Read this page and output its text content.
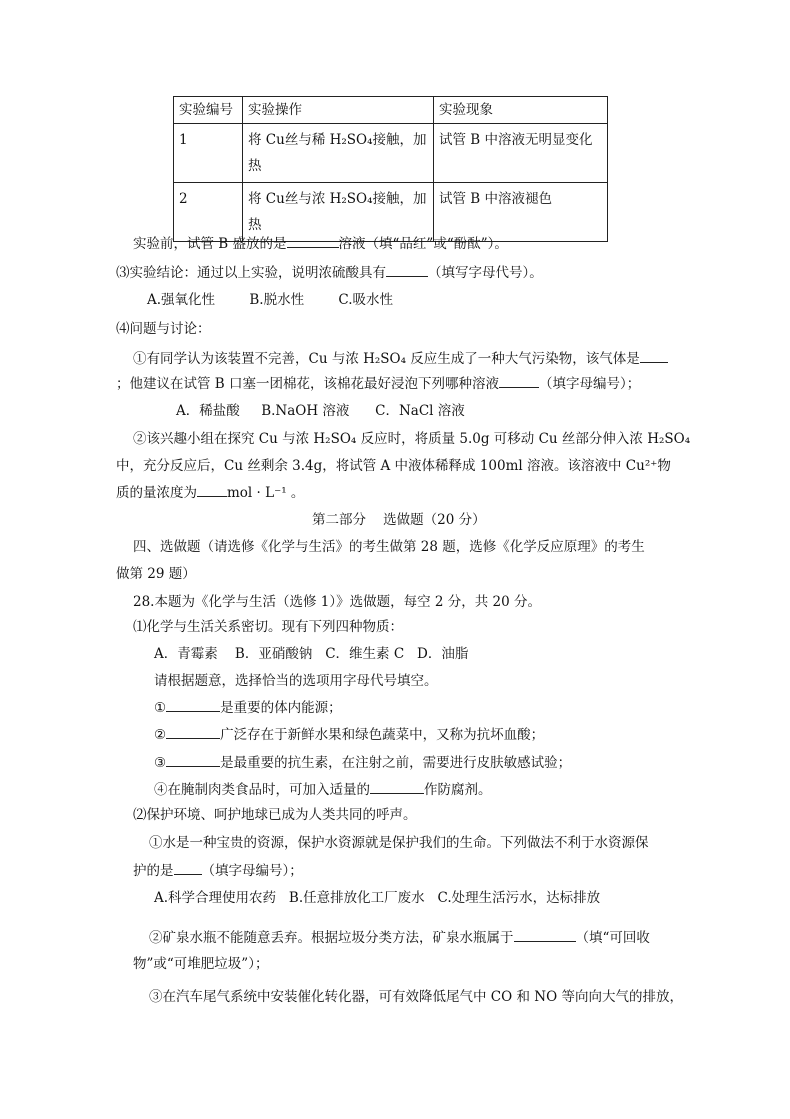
实验编号	实验操作	实验现象
1	将 Cu丝与稀 H₂SO₄接触，加热	试管 B 中溶液无明显变化
2	将 Cu丝与浓 H₂SO₄接触，加热	试管 B 中溶液褪色
实验前，试管 B 盛放的是	溶液（填“品红”或“酚酞”）。
⑶实验结论：通过以上实验，说明浓硫酸具有	（填写字母代号）。
A.强氧化性        B.脱水性        C.吸水性
⑷问题与讨论：
①有同学认为该装置不完善，Cu 与浓 H₂SO₄ 反应生成了一种大气污染物，该气体是
；他建议在试管 B 口塞一团棉花，该棉花最好浸泡下列哪种溶液	（填字母编号）；
A．稀盐酸     B.NaOH 溶液      C．NaCl 溶液
②该兴趣小组在探究 Cu 与浓 H₂SO₄ 反应时，将质量 5.0g 可移动 Cu 丝部分伸入浓 H₂SO₄
中，充分反应后，Cu 丝剩余 3.4g，将试管 A 中液体稀释成 100ml 溶液。该溶液中 Cu²⁺物
质的量浓度为 mol · L⁻¹ 。
第二部分    选做题（20 分）
四、选做题（请选修《化学与生活》的考生做第 28 题，选修《化学反应原理》的考生
做第 29 题）
28.本题为《化学与生活（选修 1）》选做题，每空 2 分，共 20 分。
⑴化学与生活关系密切。现有下列四种物质：
A．青霉素    B．亚硝酸钠   C．维生素 C   D．油脂
请根据题意，选择恰当的选项用字母代号填空。
①	是重要的体内能源；
②	广泛存在于新鲜水果和绿色蔬菜中，又称为抗坏血酸；
③	是最重要的抗生素，在注射之前，需要进行皮肤敏感试验；
④在腌制肉类食品时，可加入适量的	作防腐剂。
⑵保护环境、呵护地球已成为人类共同的呼声。
①水是一种宝贵的资源，保护水资源就是保护我们的生命。下列做法不利于水资源保
护的是 （填字母编号）；
A.科学合理使用农药   B.任意排放化工厂废水   C.处理生活污水，达标排放
②矿泉水瓶不能随意丢弃。根据垃圾分类方法，矿泉水瓶属于	（填“可回收
物”或“可堆肥垃圾”）；
③在汽车尾气系统中安装催化转化器，可有效降低尾气中 CO 和 NO 等向向大气的排放，
